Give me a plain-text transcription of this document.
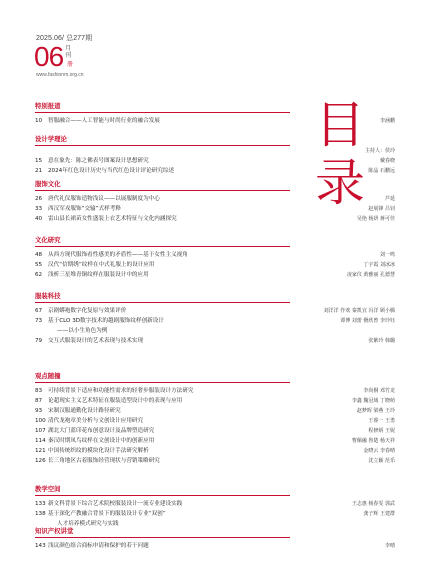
2025.06/ 总277期
06 月
刊
册
www.fashionm.org.cn
目
录
特别报道
10	智服融合——人工智能与时尚行业的融合发展	李涵鹏
设计学理论
主持人：侯玲
15	意在象先：陈之佛表号图案设计思想研究	戴春晓
21	2024年红色设计历史与当代红色设计评论研究综述	陈晶 石鹏远
服饰文化
26	唐代礼仪服饰造物浅议——以展服制度为中心	芦延
33	西汉军戎服饰“交输”式样考释	赵展锋 吕钊
40	雷山县长裙苗女性盛装上衣艺术特征与文化内涵探究	吴艳 杨妍 蒋可佳
文化研究
48	从西方现代服饰看性感美的矛盾性——基于女性主义视角	刘一鸣
55	汉代“信期绣”纹样在中式礼服上的设计应用	丁宇霞 刘冰冰
62	浅析三星堆青铜纹样在服装设计中的应用	凌家仪 黄雅丽 孔德慧
服装科技
67	京剧蟒袍数字化复原与效果评价	刘洋洋 作欢 秦凯宜 冯洋 顾小腾
73	基于CLO 3D数字技术的越剧服饰纹样创新设计	谭博 刘蕾 罍欣曾 李玲钰
——以小生角色为例
79	交互式服装设计的艺术表现与技术实现	张紫玲 韩璐
观点随撞
83	可持续背景下适应和功能性需求的轻奢步服装设计方法研究	李尚桐 邓竹龙
87	论超现实主义艺术特征在服装造型设计中的表现与应用	李鑫 魏冠域 丁晓萌
93	宋制汉服通勤化设计路径研究	赵梦晖 梁燕 王玲
100 清代龙袍章美分析与文创设计应用研究	王睿一 王勇
107 湖北大门蓝印花布创意设计及品牌塑造研究	程修炳 王妮
114 秦汉时期凤鸟纹样在文创设计中的创新应用	曹佩融 鲁楚 杨天祥
121 中国传统织纹的模块化设计手法研究解析	金晓云 李春晴
126 长三角地区古着服饰经营现状与营销策略研究	沈立颖 范乐
教学空间
133 新文科背景下综合艺术院校服装设计一流专业建设实践	王志惠 杨春雯 郭武
138 基于深化产教融合背景下的服装设计专业“双创”	龚子辉 王建群
人才培养模式研究与实践
知识产权讲堂
143 浅议颜色组合商标申请和保护的若干问题	李晴
